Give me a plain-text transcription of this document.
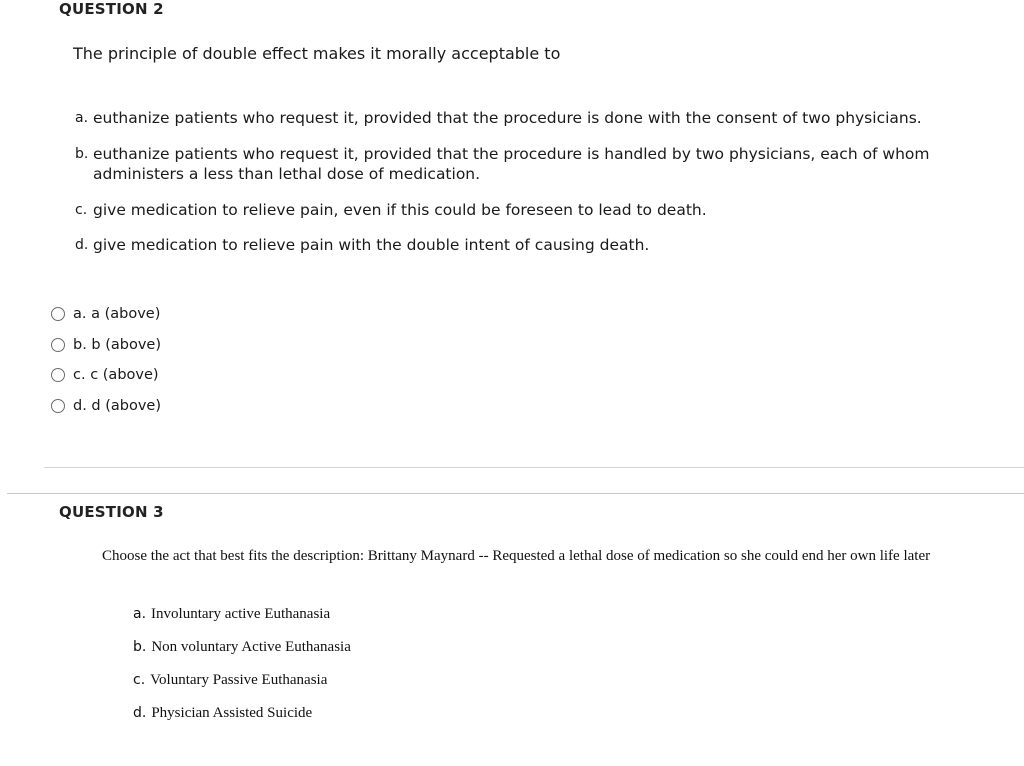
QUESTION 2
The principle of double effect makes it morally acceptable to
a. euthanize patients who request it, provided that the procedure is done with the consent of two physicians.
b. euthanize patients who request it, provided that the procedure is handled by two physicians, each of whom administers a less than lethal dose of medication.
c. give medication to relieve pain, even if this could be foreseen to lead to death.
d. give medication to relieve pain with the double intent of causing death.
a. a (above)
b. b (above)
c. c (above)
d. d (above)
QUESTION 3
Choose the act that best fits the description: Brittany Maynard -- Requested a lethal dose of medication so she could end her own life later
a. Involuntary active Euthanasia
b. Non voluntary Active Euthanasia
c. Voluntary Passive Euthanasia
d. Physician Assisted Suicide
